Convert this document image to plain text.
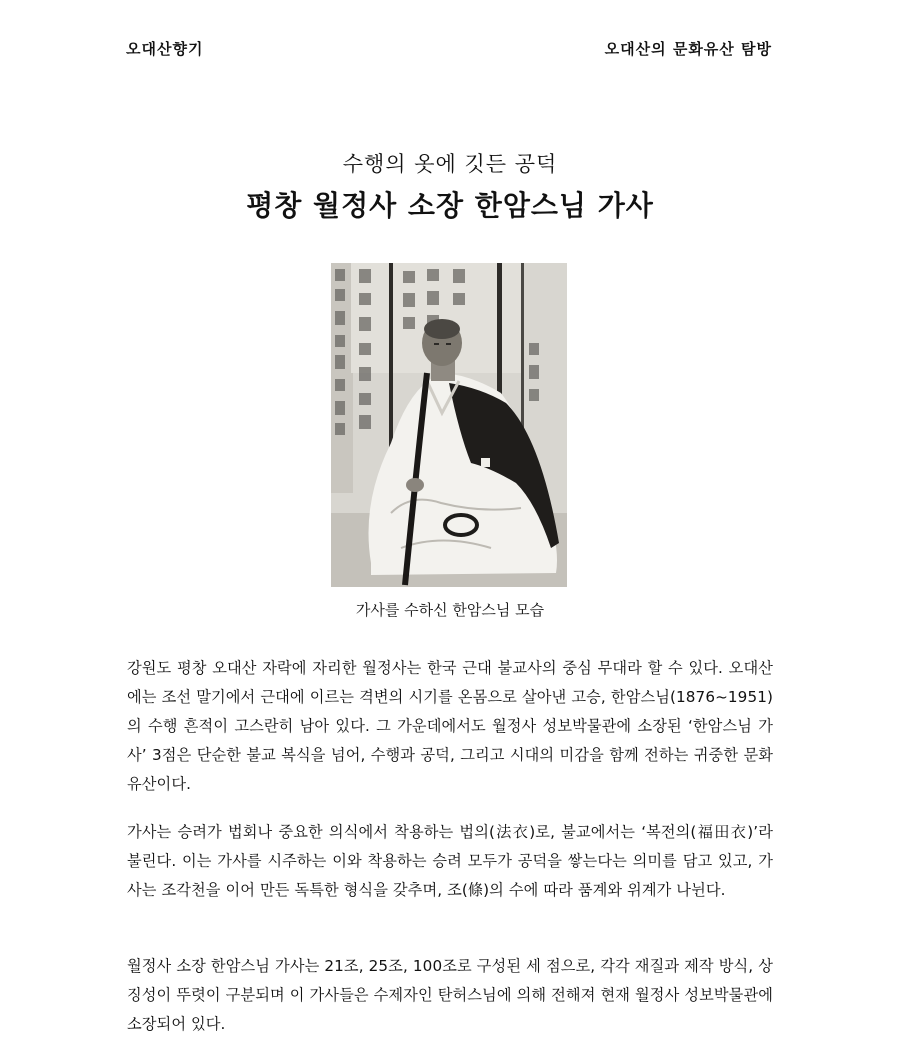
오대산향기	오대산의 문화유산 탐방
수행의 옷에 깃든 공덕
평창 월정사 소장 한암스님 가사
가사를 수하신 한암스님 모습
강원도 평창 오대산 자락에 자리한 월정사는 한국 근대 불교사의 중심 무대라 할 수 있다. 오대산에는 조선 말기에서 근대에 이르는 격변의 시기를 온몸으로 살아낸 고승, 한암스님(1876~1951)의 수행 흔적이 고스란히 남아 있다. 그 가운데에서도 월정사 성보박물관에 소장된 ‘한암스님 가사’ 3점은 단순한 불교 복식을 넘어, 수행과 공덕, 그리고 시대의 미감을 함께 전하는 귀중한 문화유산이다.
가사는 승려가 법회나 중요한 의식에서 착용하는 법의(法衣)로, 불교에서는 ‘복전의(福田衣)’라 불린다. 이는 가사를 시주하는 이와 착용하는 승려 모두가 공덕을 쌓는다는 의미를 담고 있고, 가사는 조각천을 이어 만든 독특한 형식을 갖추며, 조(條)의 수에 따라 품계와 위계가 나뉜다.
월정사 소장 한암스님 가사는 21조, 25조, 100조로 구성된 세 점으로, 각각 재질과 제작 방식, 상징성이 뚜렷이 구분되며 이 가사들은 수제자인 탄허스님에 의해 전해져 현재 월정사 성보박물관에 소장되어 있다.
